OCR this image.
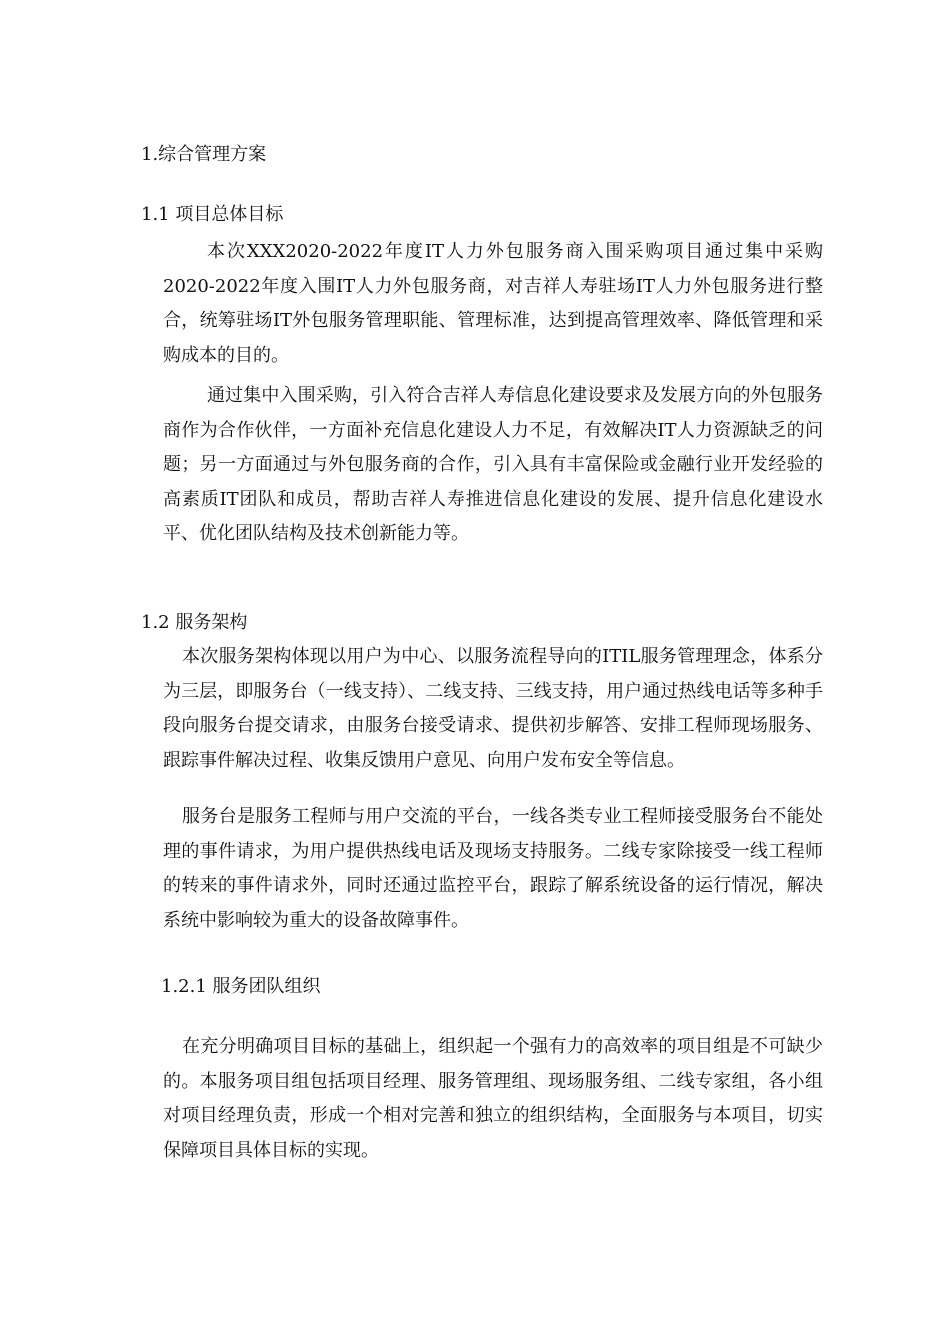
1.综合管理方案
1.1 项目总体目标

本次XXX2020-2022年度IT人力外包服务商入围采购项目通过集中采购2020-2022年度入围IT人力外包服务商，对吉祥人寿驻场IT人力外包服务进行整合，统筹驻场IT外包服务管理职能、管理标准，达到提高管理效率、降低管理和采购成本的目的。

通过集中入围采购，引入符合吉祥人寿信息化建设要求及发展方向的外包服务商作为合作伙伴，一方面补充信息化建设人力不足，有效解决IT人力资源缺乏的问题；另一方面通过与外包服务商的合作，引入具有丰富保险或金融行业开发经验的高素质IT团队和成员，帮助吉祥人寿推进信息化建设的发展、提升信息化建设水平、优化团队结构及技术创新能力等。

1.2 服务架构

本次服务架构体现以用户为中心、以服务流程导向的ITIL服务管理理念，体系分为三层，即服务台（一线支持）、二线支持、三线支持，用户通过热线电话等多种手段向服务台提交请求，由服务台接受请求、提供初步解答、安排工程师现场服务、跟踪事件解决过程、收集反馈用户意见、向用户发布安全等信息。

服务台是服务工程师与用户交流的平台，一线各类专业工程师接受服务台不能处理的事件请求，为用户提供热线电话及现场支持服务。二线专家除接受一线工程师的转来的事件请求外，同时还通过监控平台，跟踪了解系统设备的运行情况，解决系统中影响较为重大的设备故障事件。

1.2.1 服务团队组织

在充分明确项目目标的基础上，组织起一个强有力的高效率的项目组是不可缺少的。本服务项目组包括项目经理、服务管理组、现场服务组、二线专家组，各小组对项目经理负责，形成一个相对完善和独立的组织结构，全面服务与本项目，切实保障项目具体目标的实现。
